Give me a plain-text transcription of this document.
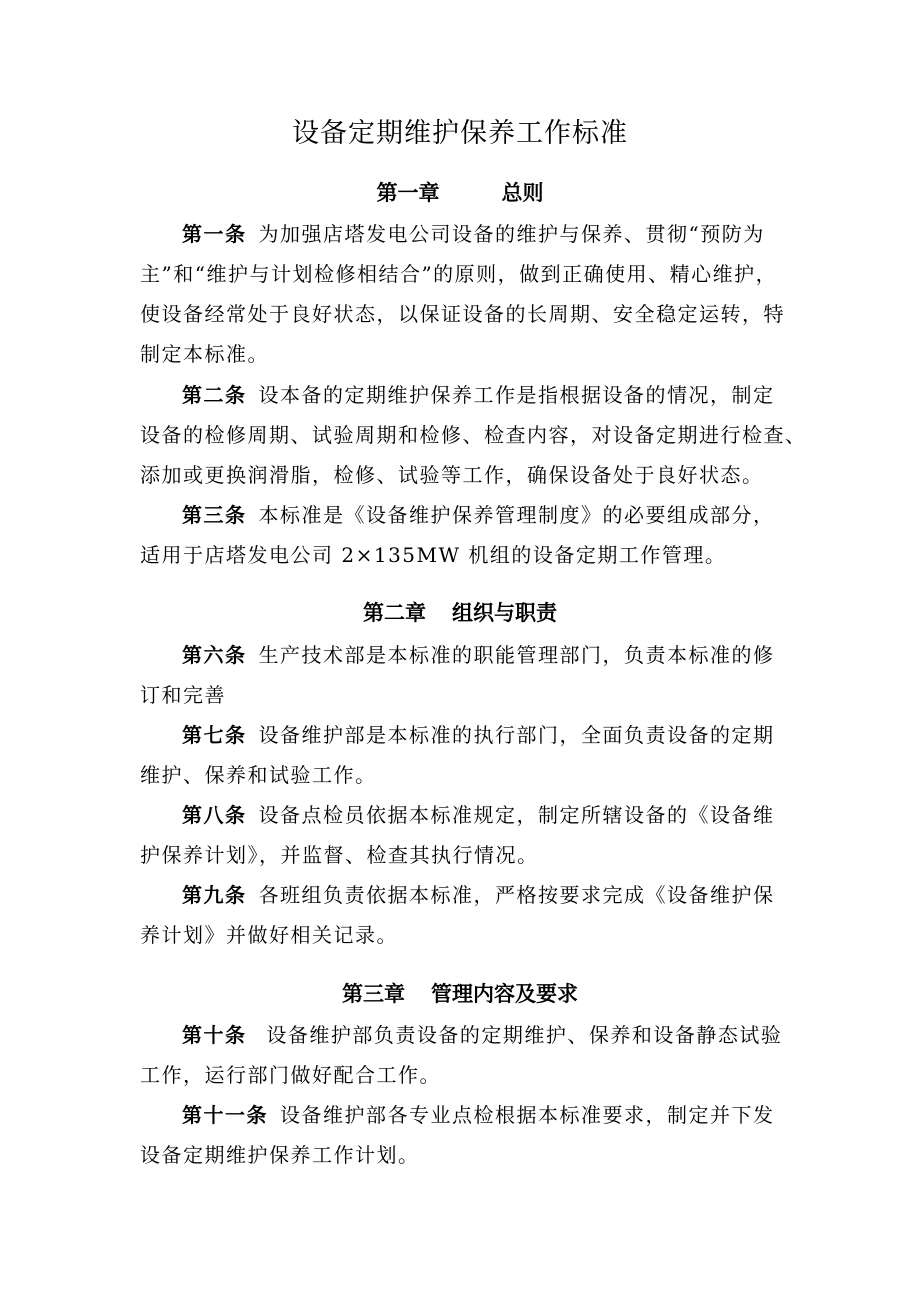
设备定期维护保养工作标准
第一章	总则
第一条 为加强店塔发电公司设备的维护与保养、贯彻“预防为
主”和“维护与计划检修相结合”的原则，做到正确使用、精心维护，
使设备经常处于良好状态，以保证设备的长周期、安全稳定运转，特
制定本标准。
第二条 设本备的定期维护保养工作是指根据设备的情况，制定
设备的检修周期、试验周期和检修、检查内容，对设备定期进行检查、
添加或更换润滑脂，检修、试验等工作，确保设备处于良好状态。
第三条 本标准是《设备维护保养管理制度》的必要组成部分，
适用于店塔发电公司 2×135MW 机组的设备定期工作管理。
第二章 组织与职责
第六条 生产技术部是本标准的职能管理部门，负责本标准的修
订和完善
第七条 设备维护部是本标准的执行部门，全面负责设备的定期
维护、保养和试验工作。
第八条 设备点检员依据本标准规定，制定所辖设备的《设备维
护保养计划》，并监督、检查其执行情况。
第九条 各班组负责依据本标准，严格按要求完成《设备维护保
养计划》并做好相关记录。
第三章 管理内容及要求
第十条 设备维护部负责设备的定期维护、保养和设备静态试验
工作，运行部门做好配合工作。
第十一条 设备维护部各专业点检根据本标准要求，制定并下发
设备定期维护保养工作计划。
